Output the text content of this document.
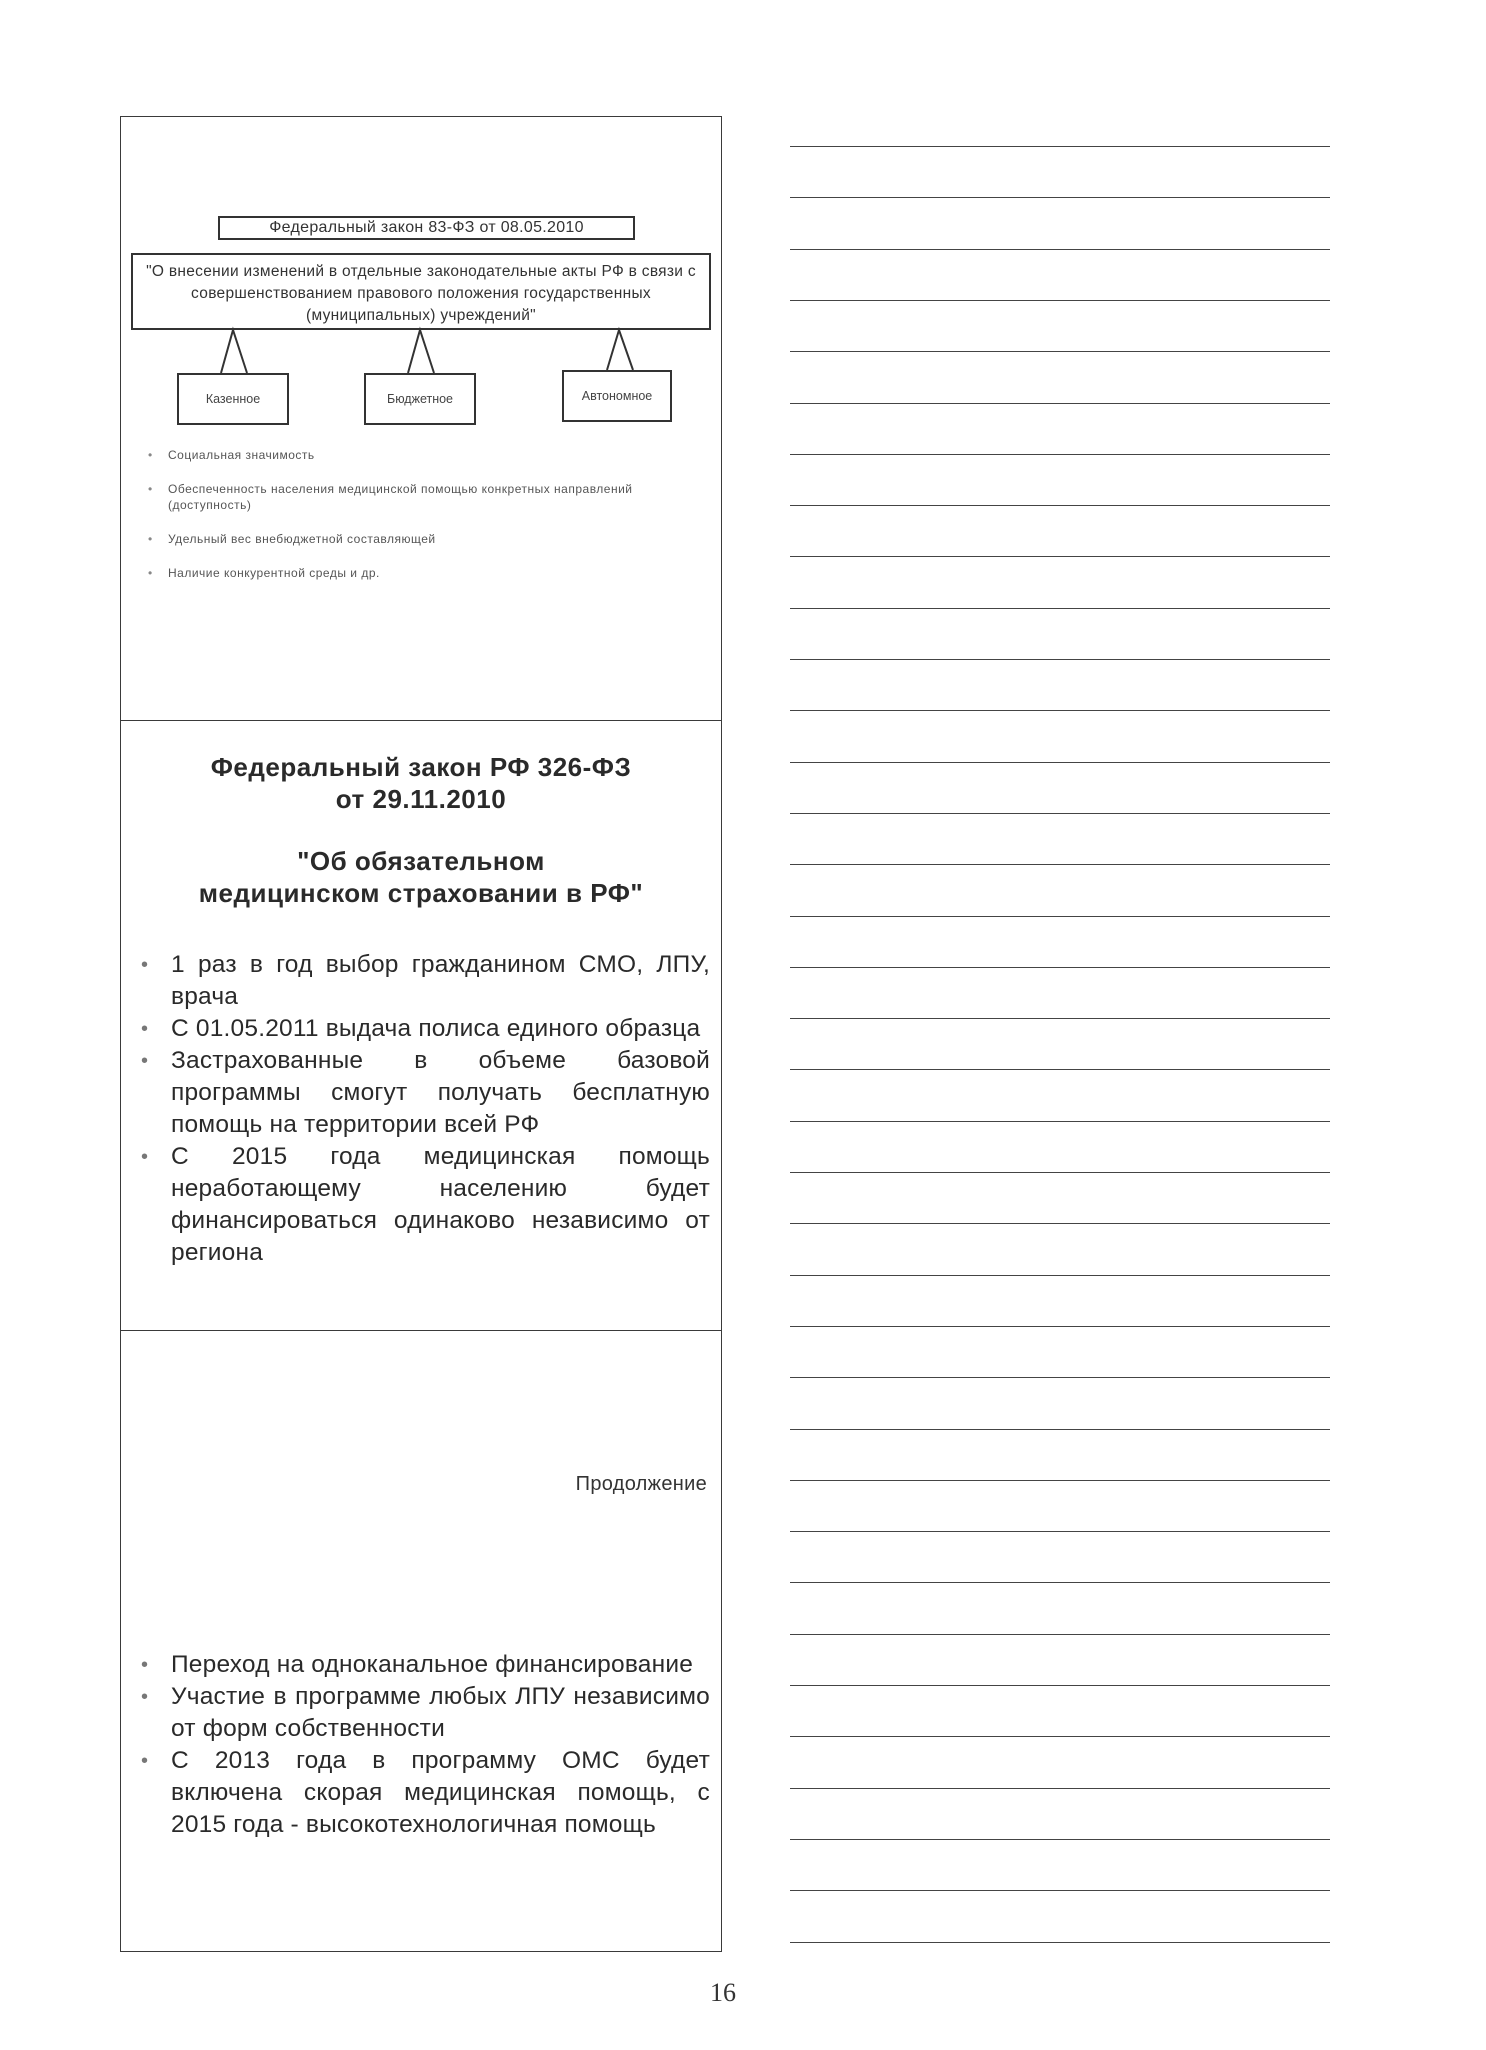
Федеральный закон 83-ФЗ от 08.05.2010
"О внесении изменений в отдельные законодательные акты РФ в связи с совершенствованием правового положения государственных (муниципальных) учреждений"
Казенное	Бюджетное	Автономное
• Социальная значимость
• Обеспеченность населения медицинской помощью конкретных направлений (доступность)
• Удельный вес внебюджетной составляющей
• Наличие конкурентной среды и др.
Федеральный закон РФ 326-ФЗ
от 29.11.2010
"Об обязательном
медицинском страховании в РФ"
• 1 раз в год выбор гражданином СМО, ЛПУ, врача
• С 01.05.2011 выдача полиса единого образца
• Застрахованные в объеме базовой программы смогут получать бесплатную помощь на территории всей РФ
• С 2015 года медицинская помощь неработающему населению будет финансироваться одинаково независимо от региона
Продолжение
• Переход на одноканальное финансирование
• Участие в программе любых ЛПУ независимо от форм собственности
• С 2013 года в программу ОМС будет включена скорая медицинская помощь, с 2015 года - высокотехнологичная помощь
16
